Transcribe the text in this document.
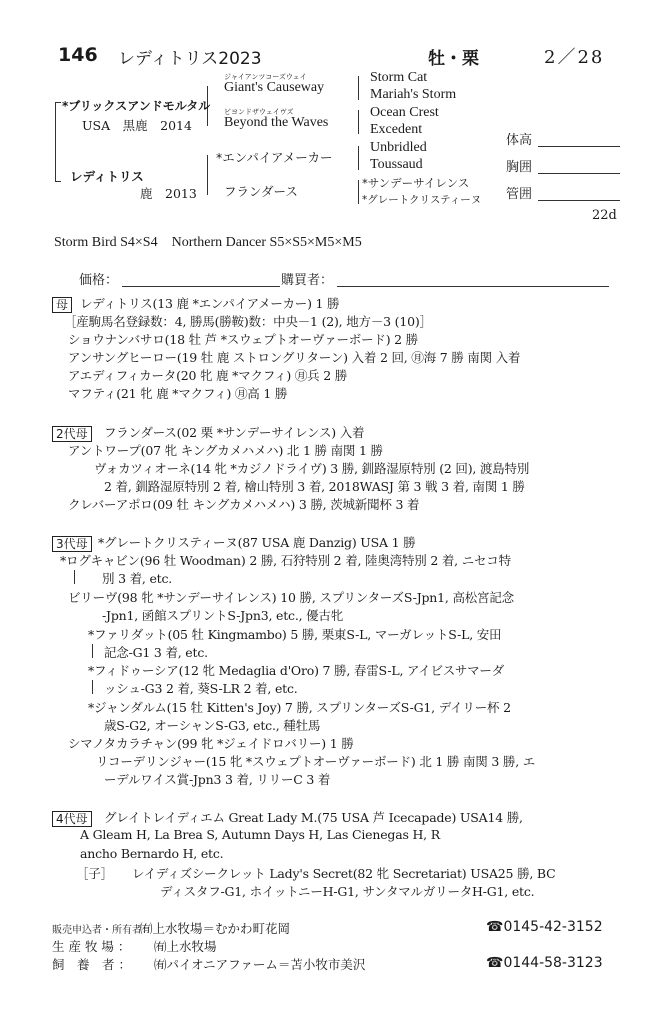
146 レディトリス2023	牡・栗	2／28
*ブリックスアンドモルタル
USA　黒鹿　2014
ジャイアンツコーズウェイ
Giant's Causeway
ビヨンドザウェイヴズ
Beyond the Waves
Storm Cat
Mariah's Storm
Ocean Crest
Excedent
レディトリス
鹿　2013
*エンパイアメーカー
フランダース
Unbridled
Toussaud
*サンデーサイレンス
*グレートクリスティーヌ
体高
胸囲
管囲
22d
Storm Bird S4×S4　Northern Dancer S5×S5×M5×M5
価格：	購買者：
母 レディトリス(13 鹿 *エンパイアメーカー) 1 勝
［産駒馬名登録数：4, 勝馬(勝鞍)数：中央－1 (2), 地方－3 (10)］
ショウナンバサロ(18 牡 芦 *スウェプトオーヴァーボード) 2 勝
アンサングヒーロー(19 牡 鹿 ストロングリターン) 入着 2 回, ㊊海 7 勝 南関 入着
アエディフィカータ(20 牝 鹿 *マクフィ) ㊊兵 2 勝
マフティ(21 牝 鹿 *マクフィ) ㊊高 1 勝
2代母	フランダース(02 栗 *サンデーサイレンス) 入着
アントワープ(07 牝 キングカメハメハ) 北 1 勝 南関 1 勝
ヴォカツィオーネ(14 牝 *カジノドライヴ) 3 勝, 釧路湿原特別 (2 回), 渡島特別
2 着, 釧路湿原特別 2 着, 檜山特別 3 着, 2018WASJ 第 3 戦 3 着, 南関 1 勝
クレバーアポロ(09 牡 キングカメハメハ) 3 勝, 茨城新聞杯 3 着
3代母 *グレートクリスティーヌ(87 USA 鹿 Danzig) USA 1 勝
*ログキャビン(96 牡 Woodman) 2 勝, 石狩特別 2 着, 陸奥湾特別 2 着, ニセコ特
別 3 着, etc.
ビリーヴ(98 牝 *サンデーサイレンス) 10 勝, スプリンターズS-Jpn1, 高松宮記念
-Jpn1, 函館スプリントS-Jpn3, etc., 優古牝
*ファリダット(05 牡 Kingmambo) 5 勝, 栗東S-L, マーガレットS-L, 安田
記念-G1 3 着, etc.
*フィドゥーシア(12 牝 Medaglia d'Oro) 7 勝, 春雷S-L, アイビスサマーダ
ッシュ-G3 2 着, 葵S-LR 2 着, etc.
*ジャンダルム(15 牡 Kitten's Joy) 7 勝, スプリンターズS-G1, デイリー杯 2
歳S-G2, オーシャンS-G3, etc., 種牡馬
シマノタカラチャン(99 牝 *ジェイドロバリー) 1 勝
リコーデリンジャー(15 牝 *スウェプトオーヴァーボード) 北 1 勝 南関 3 勝, エ
ーデルワイス賞-Jpn3 3 着, リリーC 3 着
4代母	グレイトレイディエム Great Lady M.(75 USA 芦 Icecapade) USA14 勝,
A Gleam H, La Brea S, Autumn Days H, Las Cienegas H, R
ancho Bernardo H, etc.
［子］ レイディズシークレット Lady's Secret(82 牝 Secretariat) USA25 勝, BC
ディスタフ-G1, ホイットニーH-G1, サンタマルガリータH-G1, etc.
販売申込者・所有者：
㈲上水牧場＝むかわ町花岡	☎0145-42-3152
生 産 牧 場 ： ㈲上水牧場
飼　養　者 ： ㈲パイオニアファーム＝苫小牧市美沢	☎0144-58-3123
